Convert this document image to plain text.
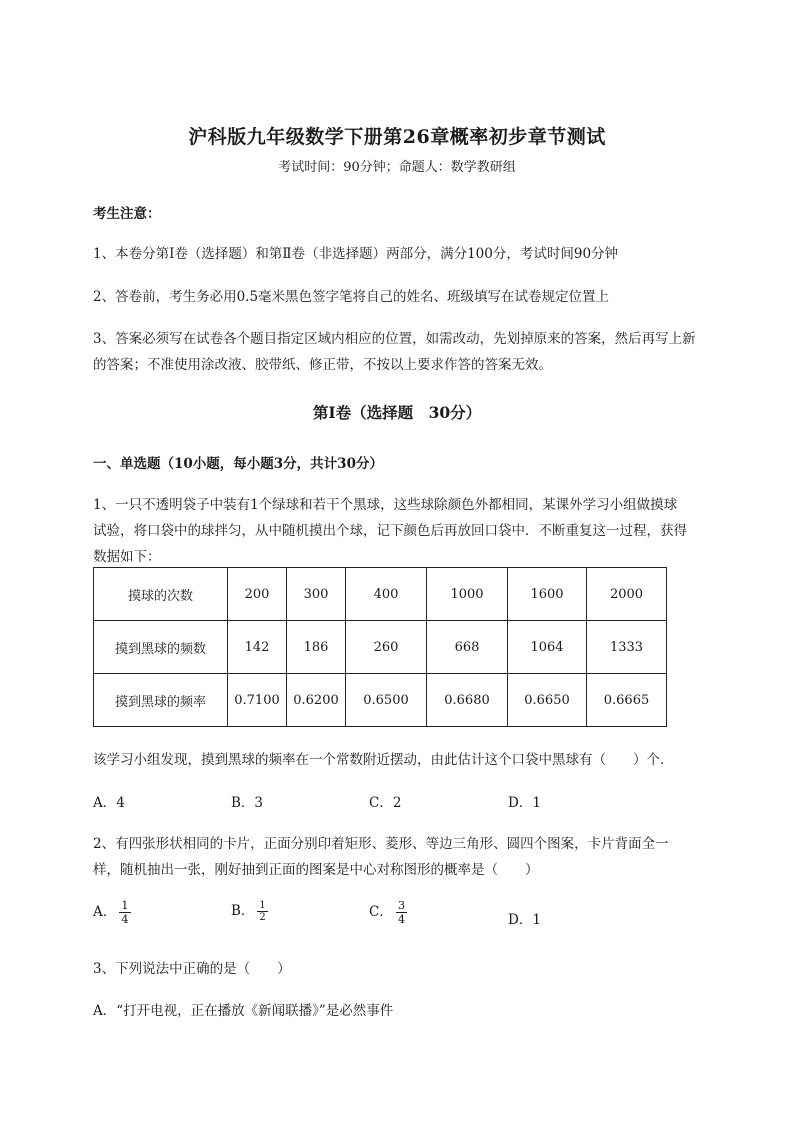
沪科版九年级数学下册第26章概率初步章节测试
考试时间：90分钟；命题人：数学教研组
考生注意：
1、本卷分第I卷（选择题）和第Ⅱ卷（非选择题）两部分，满分100分，考试时间90分钟
2、答卷前，考生务必用0.5毫米黑色签字笔将自己的姓名、班级填写在试卷规定位置上
3、答案必须写在试卷各个题目指定区域内相应的位置，如需改动，先划掉原来的答案，然后再写上新
的答案；不准使用涂改液、胶带纸、修正带，不按以上要求作答的答案无效。
第I卷（选择题　30分）
一、单选题（10小题，每小题3分，共计30分）
1、一只不透明袋子中装有1个绿球和若干个黑球，这些球除颜色外都相同，某课外学习小组做摸球
试验，将口袋中的球拌匀，从中随机摸出个球，记下颜色后再放回口袋中．不断重复这一过程，获得
数据如下：
摸球的次数	200	300	400	1000	1600	2000
摸到黑球的频数	142	186	260	668	1064	1333
摸到黑球的频率	0.7100	0.6200	0.6500	0.6680	0.6650	0.6665
该学习小组发现，摸到黑球的频率在一个常数附近摆动，由此估计这个口袋中黑球有（　　）个．
A．4	B．3	C．2	D．1
2、有四张形状相同的卡片，正面分别印着矩形、菱形、等边三角形、圆四个图案，卡片背面全一
样，随机抽出一张，刚好抽到正面的图案是中心对称图形的概率是（　　）
A． $\frac{1}{4}$	B． $\frac{1}{2}$	C． $\frac{3}{4}$	D．1
3、下列说法中正确的是（　　）
A．“打开电视，正在播放《新闻联播》”是必然事件
